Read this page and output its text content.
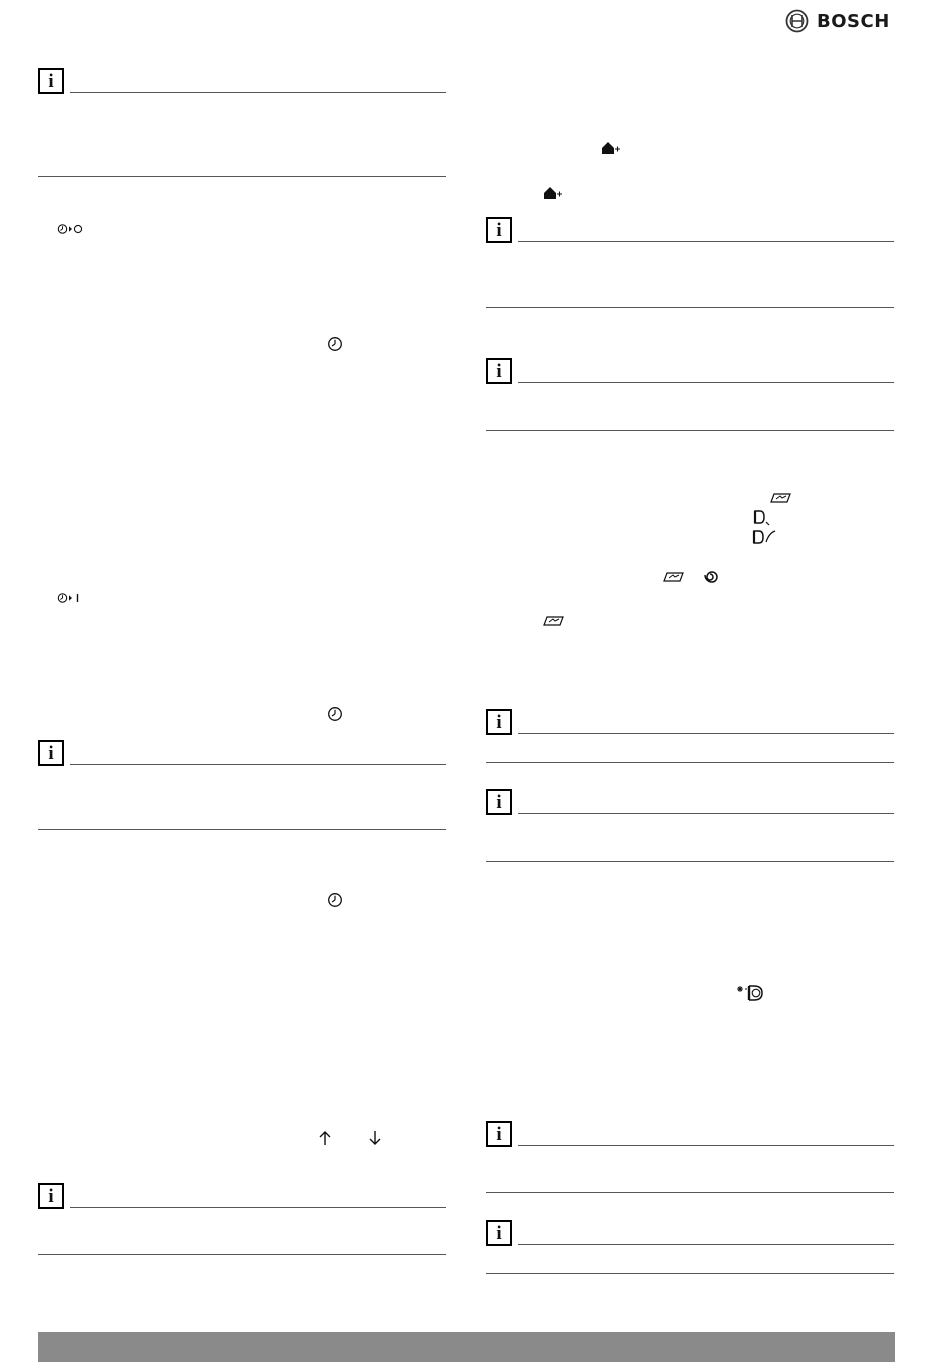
BOSCH
i
i
i
i
i
i
i
i
i
